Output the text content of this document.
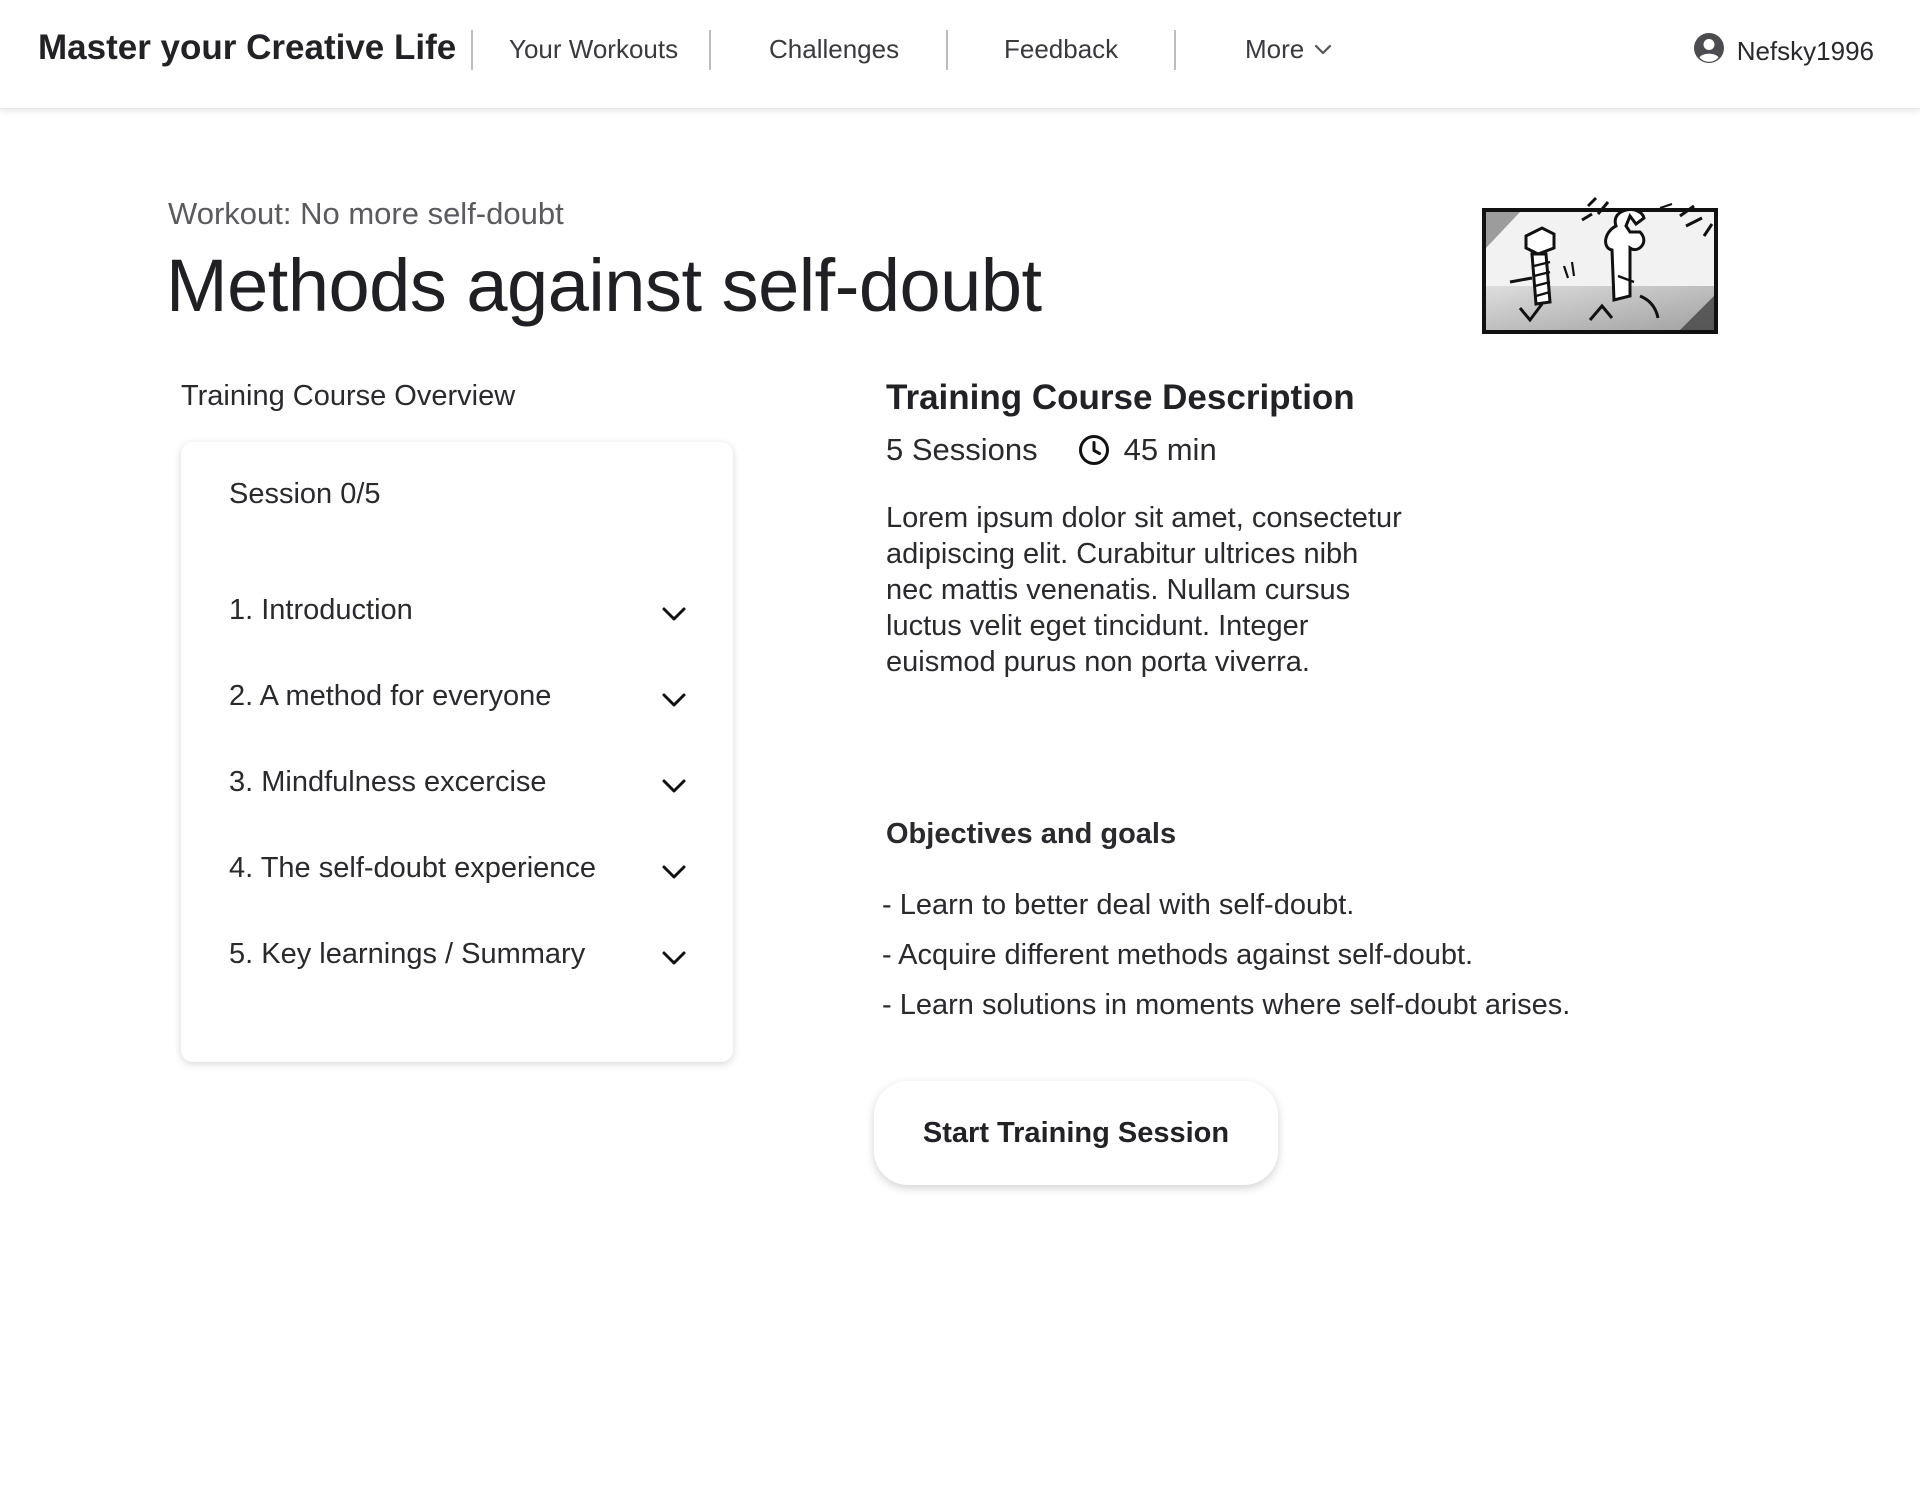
Master your Creative Life Your Workouts	Challenges	Feedback	More	Nefsky1996
Workout: No more self-doubt
Methods against self-doubt
Training Course Overview
Session 0/5
1. Introduction
2. A method for everyone
3. Mindfulness excercise
4. The self-doubt experience
5. Key learnings / Summary
Training Course Description
5 Sessions	45 min

Lorem ipsum dolor sit amet, consectetur adipiscing elit. Curabitur ultrices nibh nec mattis venenatis. Nullam cursus luctus velit eget tincidunt. Integer euismod purus non porta viverra.

Objectives and goals
- Learn to better deal with self-doubt.
- Acquire different methods against self-doubt.
- Learn solutions in moments where self-doubt arises.
Start Training Session
